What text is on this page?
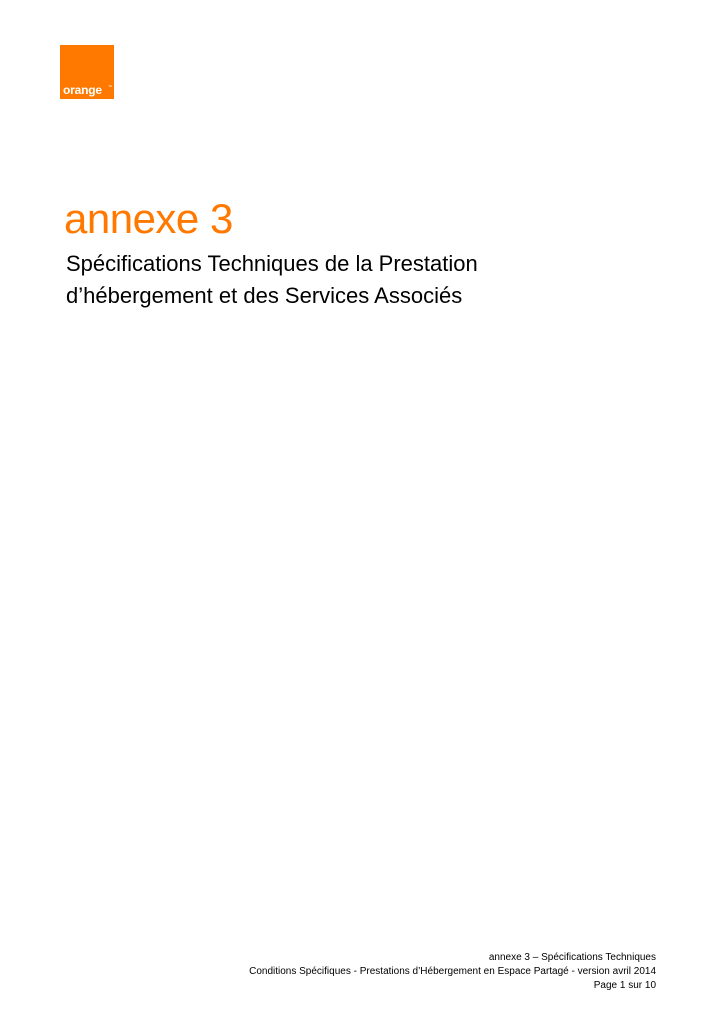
orange ™
annexe 3
Spécifications Techniques de la Prestation
d’hébergement et des Services Associés
annexe 3 – Spécifications Techniques
Conditions Spécifiques - Prestations d’Hébergement en Espace Partagé - version avril 2014
Page 1 sur 10
